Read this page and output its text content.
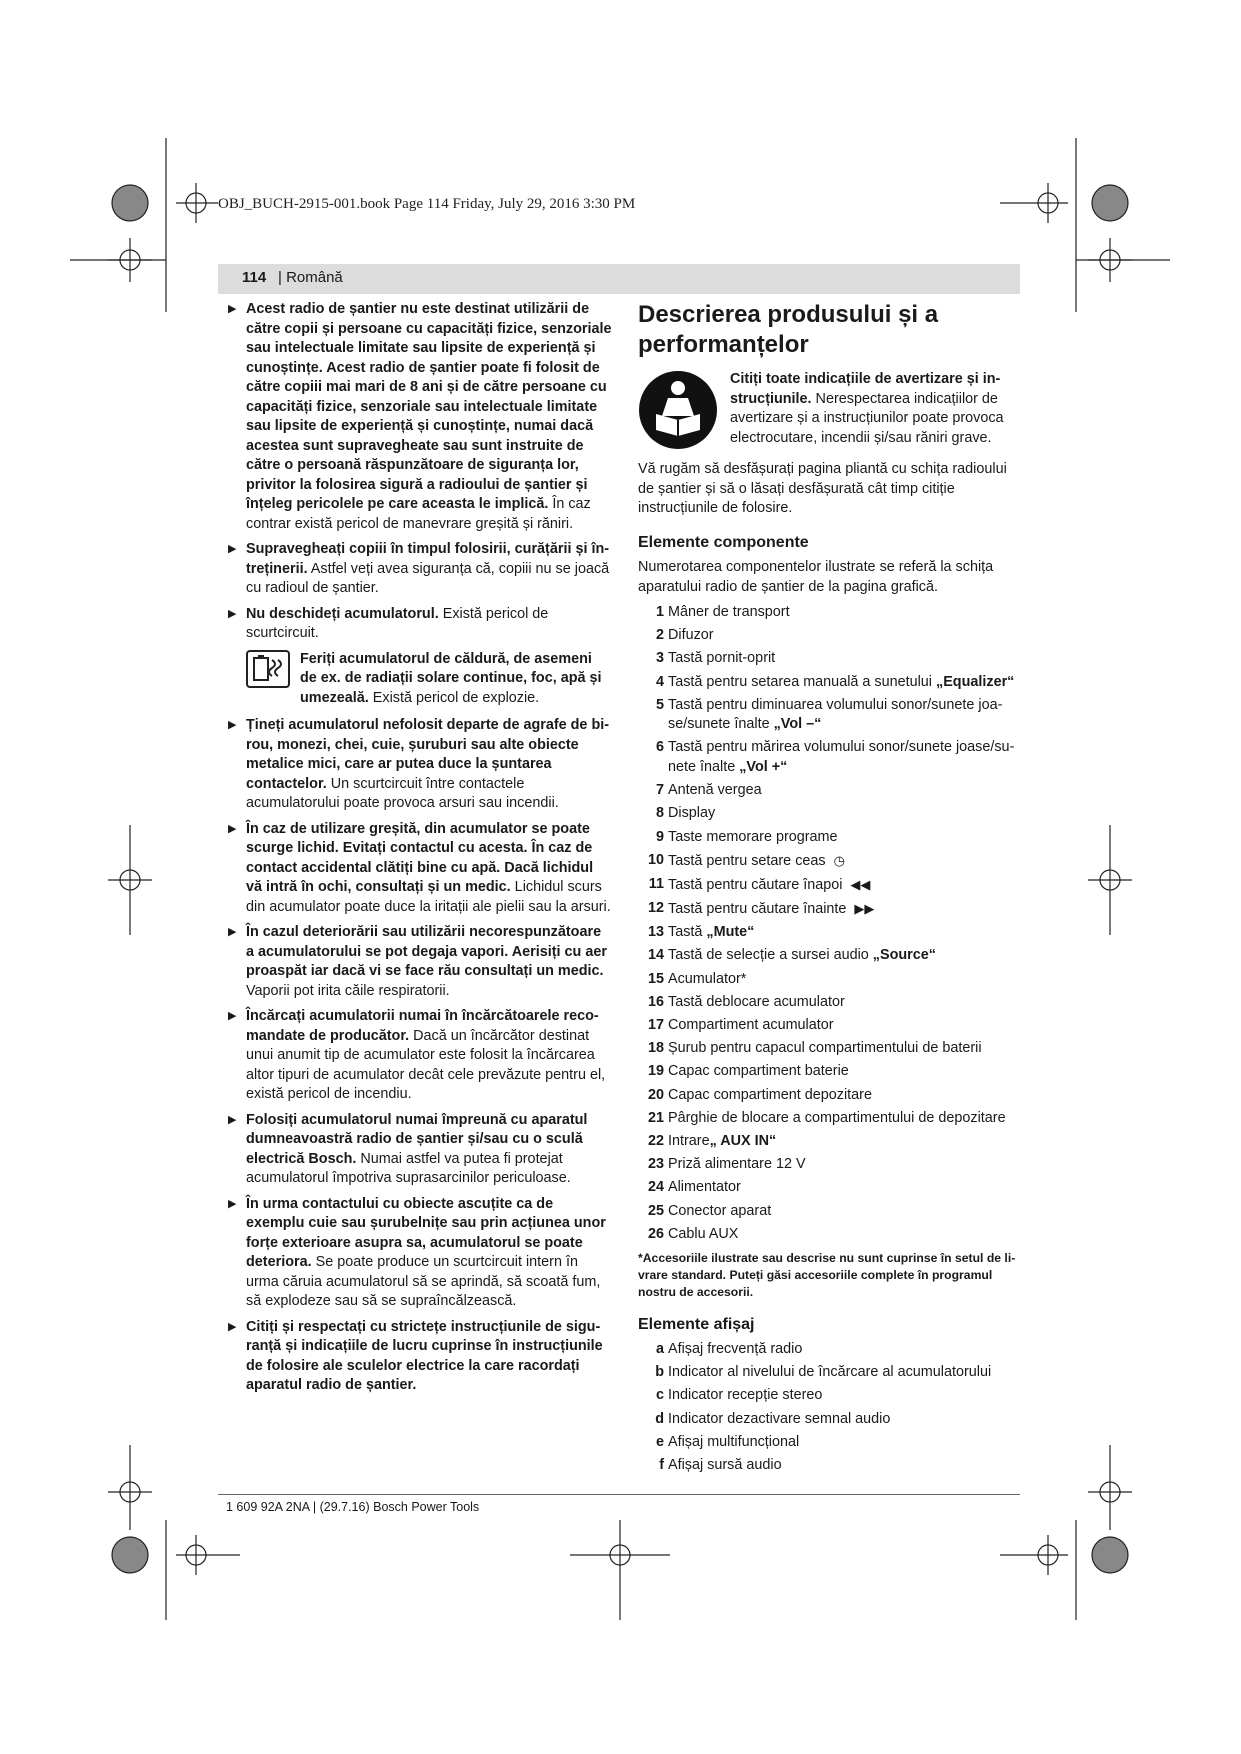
OBJ_BUCH-2915-001.book Page 114 Friday, July 29, 2016 3:30 PM
114 | Română
▶ Acest radio de șantier nu este destinat utilizării de către copii și persoane cu capacități fizice, senzoriale sau intelectuale limitate sau lipsite de experiență și cunoștințe. Acest radio de șantier poate fi folosit de către copiii mai mari de 8 ani și de către persoane cu capacități fizice, senzoriale sau intelectuale limitate sau lipsite de experiență și cunoștințe, numai dacă acestea sunt supravegheate sau sunt instruite de către o persoană răspunzătoare de siguranța lor, privitor la folosirea sigură a radioului de șantier și înțeleg pericolele pe care aceasta le implică. În caz contrar există pericol de manevrare greșită și răniri.
▶ Supravegheați copiii în timpul folosirii, curățării și întreținerii. Astfel veți avea siguranța că, copiii nu se joacă cu radioul de șantier.
▶ Nu deschideți acumulatorul. Există pericol de scurtcircuit.
Feriți acumulatorul de căldură, de asemeni de ex. de radiații solare continue, foc, apă și umezeală. Există pericol de explozie.
▶ Țineți acumulatorul nefolosit departe de agrafe de birou, monezi, chei, cuie, șuruburi sau alte obiecte metalice mici, care ar putea duce la șuntarea contactelor. Un scurtcircuit între contactele acumulatorului poate provoca arsuri sau incendii.
▶ În caz de utilizare greșită, din acumulator se poate scurge lichid. Evitați contactul cu acesta. În caz de contact accidental clătiți bine cu apă. Dacă lichidul vă intră în ochi, consultați și un medic. Lichidul scurs din acumulator poate duce la iritații ale pielii sau la arsuri.
▶ În cazul deteriorării sau utilizării necorespunzătoare a acumulatorului se pot degaja vapori. Aerisiți cu aer proaspăt iar dacă vi se face rău consultați un medic. Vaporii pot irita căile respiratorii.
▶ Încărcați acumulatorii numai în încărcătoarele recomandate de producător. Dacă un încărcător destinat unui anumit tip de acumulator este folosit la încărcarea altor tipuri de acumulator decât cele prevăzute pentru el, există pericol de incendiu.
▶ Folosiți acumulatorul numai împreună cu aparatul dumneavoastră radio de șantier și/sau cu o sculă electrică Bosch. Numai astfel va putea fi protejat acumulatorul împotriva suprasarcinilor periculoase.
▶ În urma contactului cu obiecte ascuțite ca de exemplu cuie sau șurubelnițe sau prin acțiunea unor forțe exterioare asupra sa, acumulatorul se poate deteriora. Se poate produce un scurtcircuit intern în urma căruia acumulatorul să se aprindă, să scoată fum, să explodeze sau să se supraîncălzească.
▶ Citiți și respectați cu strictețe instrucțiunile de siguranță și indicațiile de lucru cuprinse în instrucțiunile de folosire ale sculelor electrice la care racordați aparatul radio de șantier.
Descrierea produsului și a performanțelor
Citiți toate indicațiile de avertizare și instrucțiunile. Nerespectarea indicațiilor de avertizare și a instrucțiunilor poate provoca electrocutare, incendii și/sau răniri grave.

Vă rugăm să desfășurați pagina pliantă cu schița radioului de șantier și să o lăsați desfășurată cât timp citiție instrucțiunile de folosire.

Elemente componente

Numerotarea componentelor ilustrate se referă la schița aparatului radio de șantier de la pagina grafică.

1 Mâner de transport
2 Difuzor
3 Tastă pornit-oprit
4 Tastă pentru setarea manuală a sunetului „Equalizer“
5 Tastă pentru diminuarea volumului sonor/sunete joase/sunete înalte „Vol –“
6 Tastă pentru mărirea volumului sonor/sunete joase/sunete înalte „Vol +“
7 Antenă vergea
8 Display
9 Taste memorare programe
10 Tastă pentru setare ceas ◷
11 Tastă pentru căutare înapoi ◀◀
12 Tastă pentru căutare înainte ▶▶
13 Tastă „Mute“
14 Tastă de selecție a sursei audio „Source“
15 Acumulator*
16 Tastă deblocare acumulator
17 Compartiment acumulator
18 Șurub pentru capacul compartimentului de baterii
19 Capac compartiment baterie
20 Capac compartiment depozitare
21 Pârghie de blocare a compartimentului de depozitare
22 Intrare„ AUX IN“
23 Priză alimentare 12 V
24 Alimentator
25 Conector aparat
26 Cablu AUX
*Accesoriile ilustrate sau descrise nu sunt cuprinse în setul de livrare standard. Puteți găsi accesoriile complete în programul nostru de accesorii.
Elemente afișaj
a Afișaj frecvență radio
b Indicator al nivelului de încărcare al acumulatorului
c Indicator recepție stereo
d Indicator dezactivare semnal audio
e Afișaj multifuncțional
f Afișaj sursă audio
1 609 92A 2NA | (29.7.16) Bosch Power Tools
